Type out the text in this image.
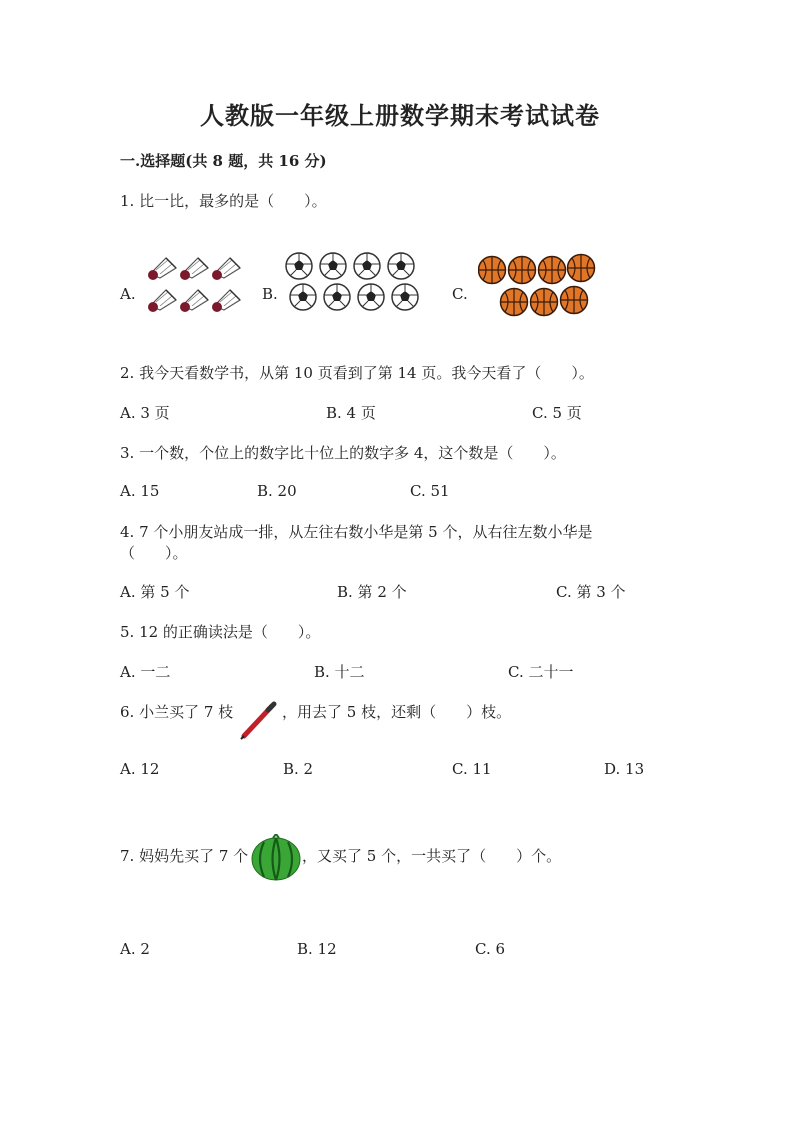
人教版一年级上册数学期末考试试卷
一.选择题(共 8 题，共 16 分)
1. 比一比，最多的是（　　）。
A.	B.	C.
2. 我今天看数学书，从第 10 页看到了第 14 页。我今天看了（　　）。
A. 3 页	B. 4 页	C. 5 页
3. 一个数，个位上的数字比十位上的数字多 4，这个数是（　　）。
A. 15	B. 20	C. 51
4. 7 个小朋友站成一排，从左往右数小华是第 5 个，从右往左数小华是
（　　）。
A. 第 5 个	B. 第 2 个	C. 第 3 个
5. 12 的正确读法是（　　）。
A. 一二	B. 十二	C. 二十一
6. 小兰买了 7 枝	，用去了 5 枝，还剩（　　）枝。
A. 12	B. 2	C. 11	D. 13
7. 妈妈先买了 7 个	，又买了 5 个，一共买了（　　）个。
A. 2	B. 12	C. 6
